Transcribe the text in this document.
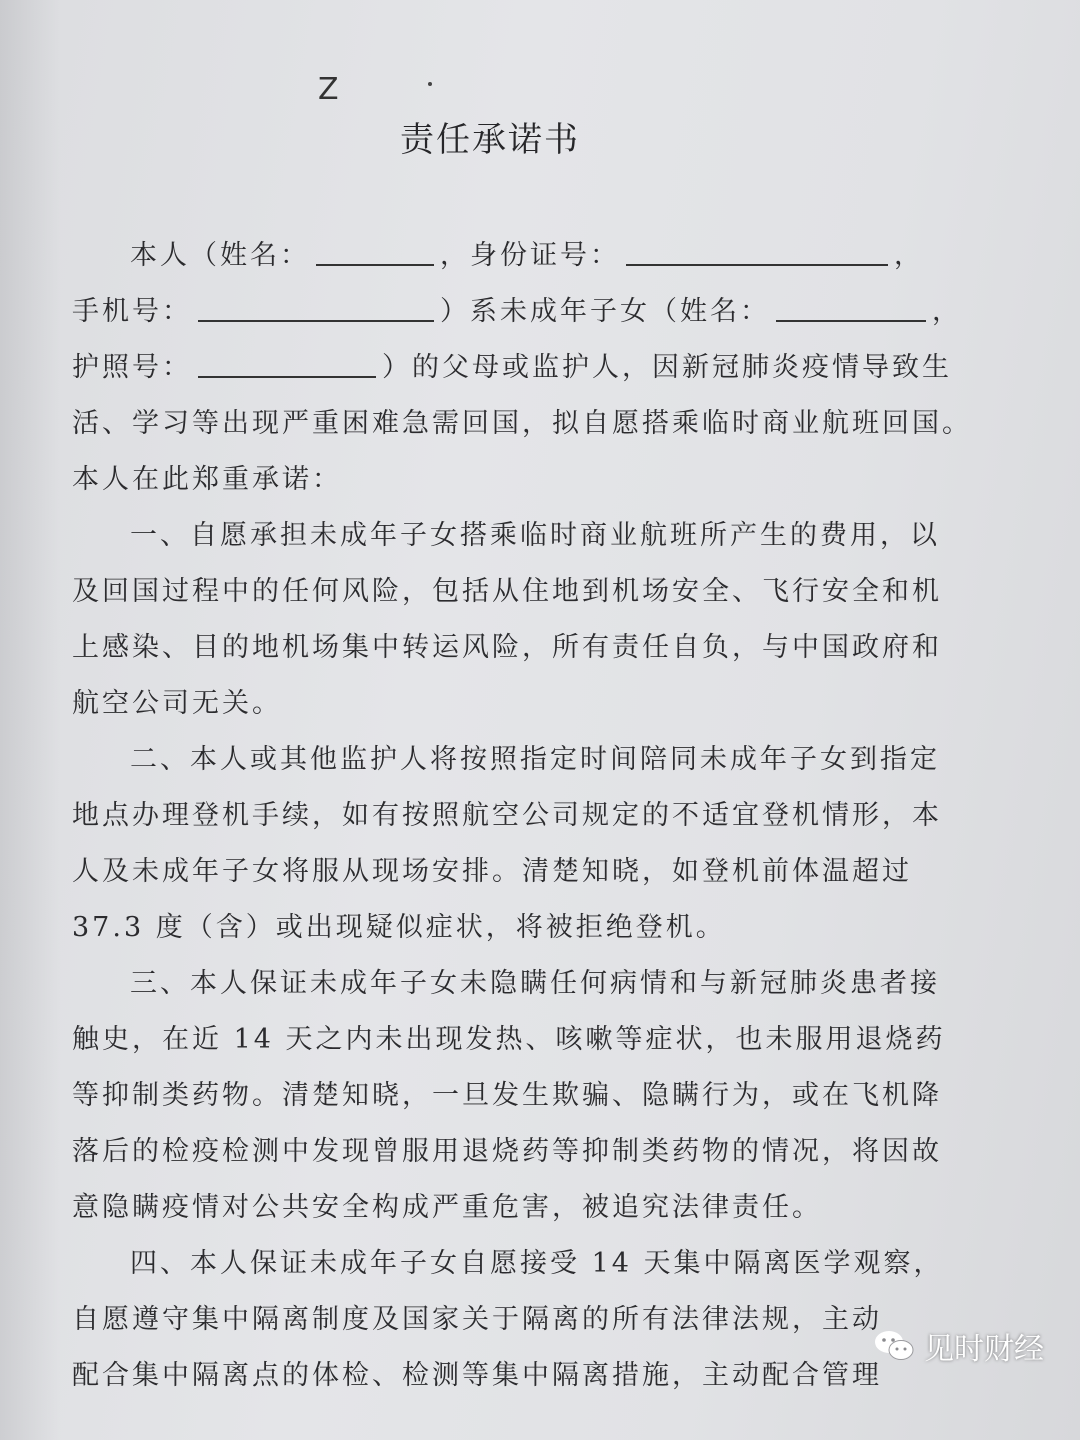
Z
责任承诺书
本人（姓名：	，身份证号：	，
手机号：	）系未成年子女（姓名：	，
护照号：	）的父母或监护人，因新冠肺炎疫情导致生
活、学习等出现严重困难急需回国，拟自愿搭乘临时商业航班回国。
本人在此郑重承诺：
一、自愿承担未成年子女搭乘临时商业航班所产生的费用，以
及回国过程中的任何风险，包括从住地到机场安全、飞行安全和机
上感染、目的地机场集中转运风险，所有责任自负，与中国政府和
航空公司无关。
二、本人或其他监护人将按照指定时间陪同未成年子女到指定
地点办理登机手续，如有按照航空公司规定的不适宜登机情形，本
人及未成年子女将服从现场安排。清楚知晓，如登机前体温超过
37.3 度（含）或出现疑似症状，将被拒绝登机。
三、本人保证未成年子女未隐瞒任何病情和与新冠肺炎患者接
触史，在近 14 天之内未出现发热、咳嗽等症状，也未服用退烧药
等抑制类药物。清楚知晓，一旦发生欺骗、隐瞒行为，或在飞机降
落后的检疫检测中发现曾服用退烧药等抑制类药物的情况，将因故
意隐瞒疫情对公共安全构成严重危害，被追究法律责任。
四、本人保证未成年子女自愿接受 14 天集中隔离医学观察，
自愿遵守集中隔离制度及国家关于隔离的所有法律法规，主动
配合集中隔离点的体检、检测等集中隔离措施，主动配合管理
见时财经
